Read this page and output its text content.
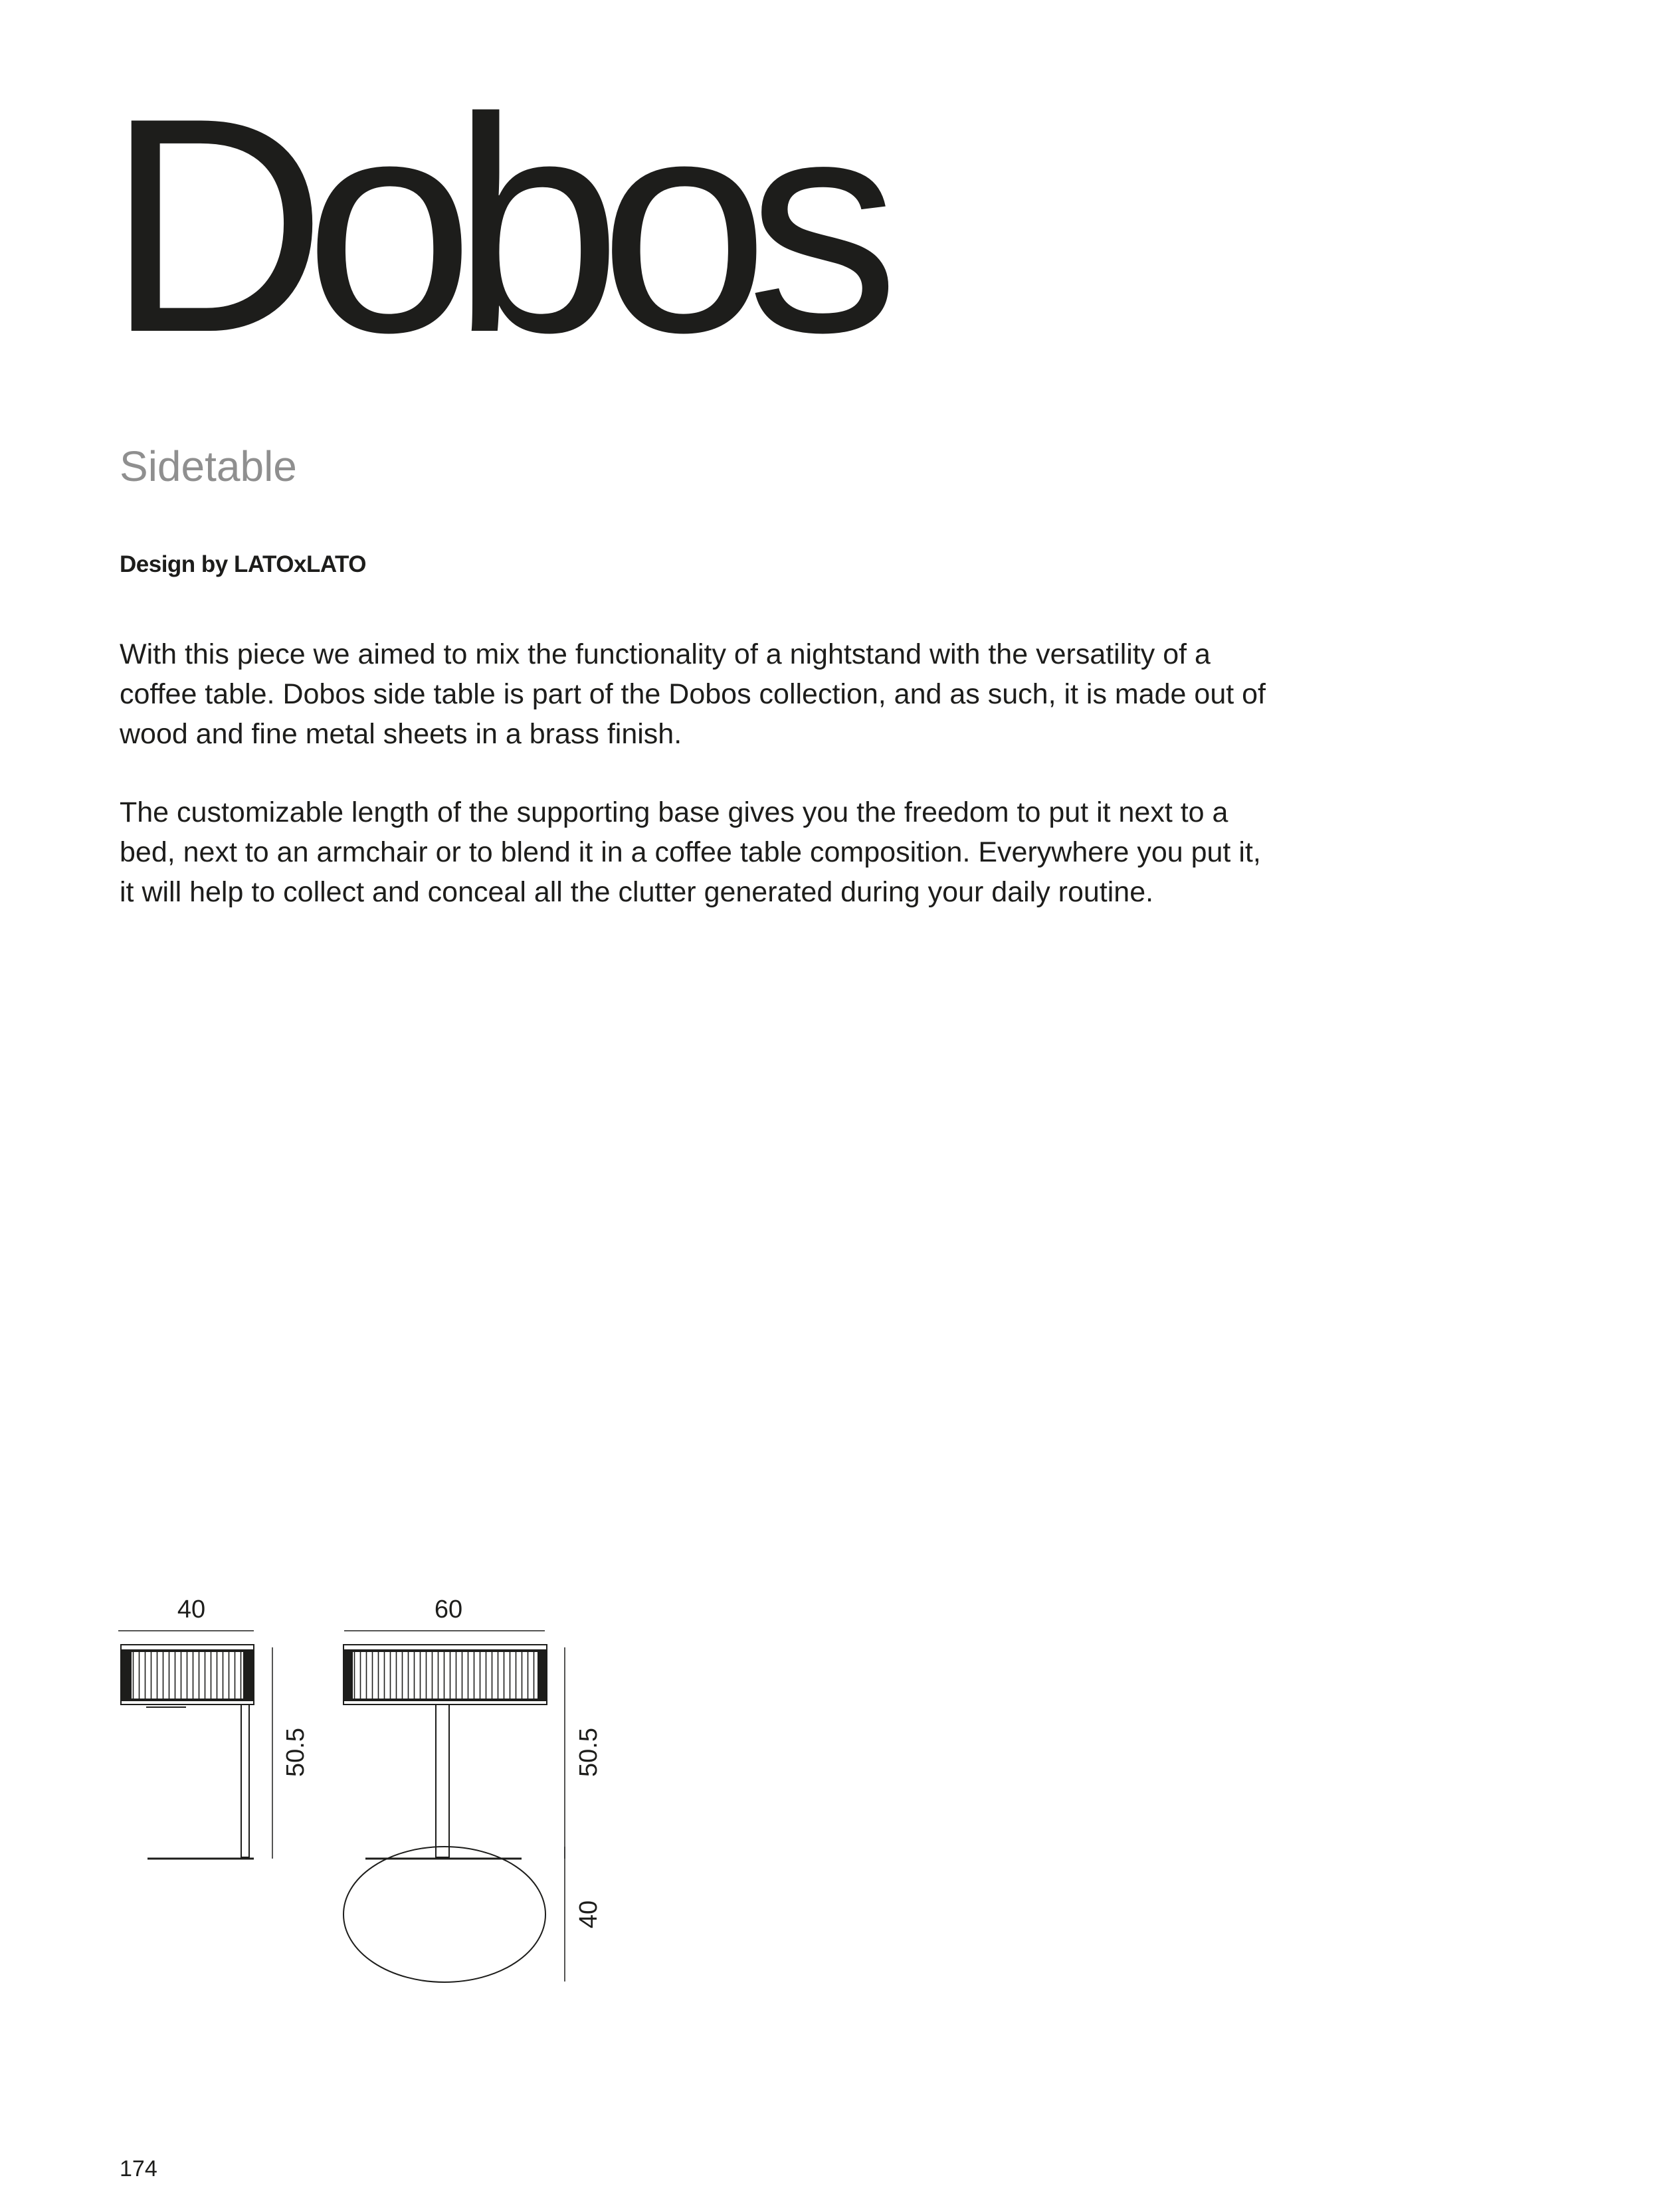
Dobos

Sidetable

Design by LATOxLATO

With this piece we aimed to mix the functionality of a nightstand with the versatility of a coffee table. Dobos side table is part of the Dobos collection, and as such, it is made out of wood and fine metal sheets in a brass finish.

The customizable length of the supporting base gives you the freedom to put it next to a bed, next to an armchair or to blend it in a coffee table composition. Everywhere you put it, it will help to collect and conceal all the clutter generated during your daily routine.

40
50.5
60
50.5
40

174
